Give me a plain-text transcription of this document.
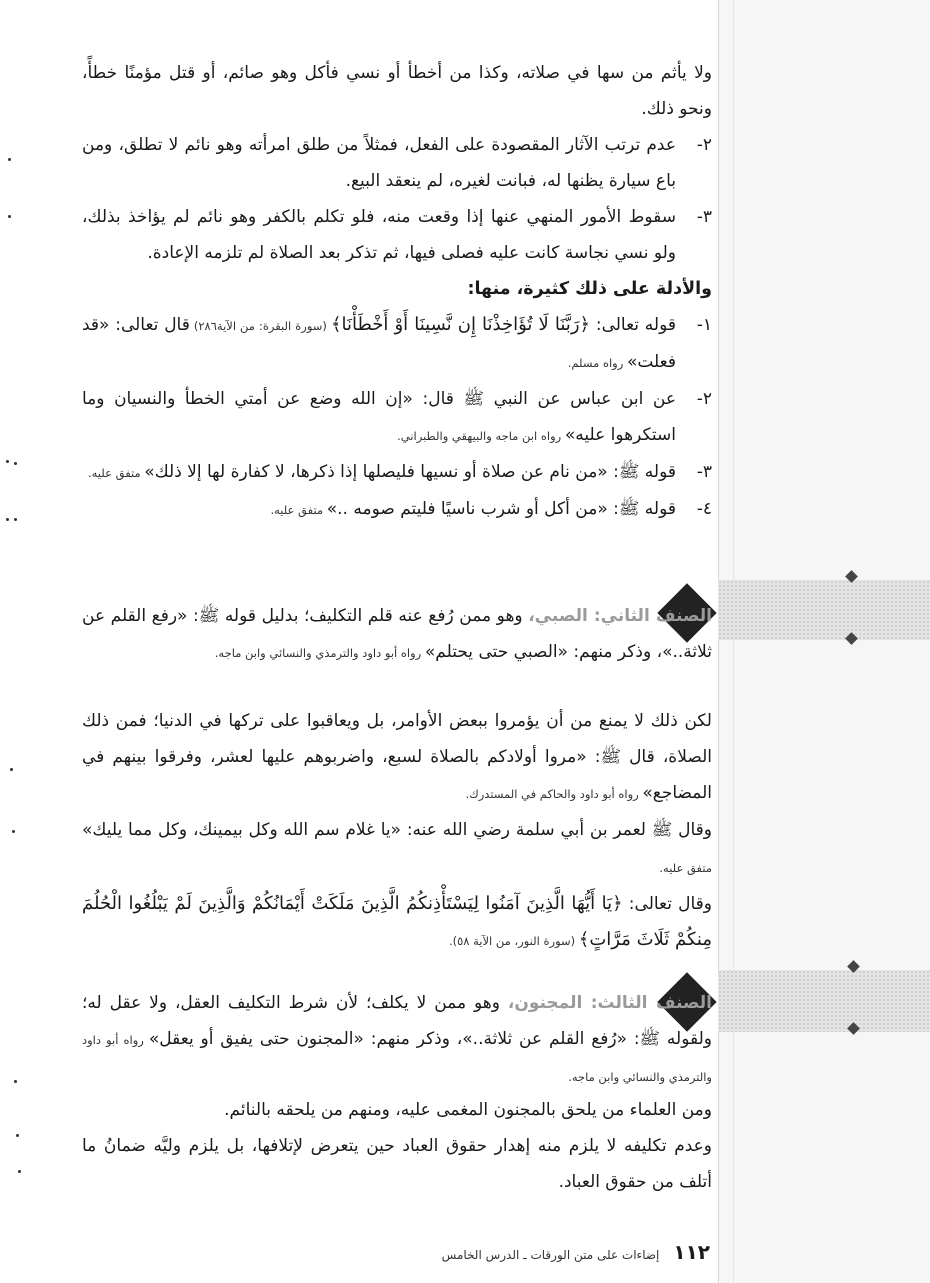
ولا يأثم من سها في صلاته، وكذا من أخطأ أو نسي فأكل وهو صائم، أو قتل مؤمنًا خطأً، ونحو ذلك.

٢-
عدم ترتب الآثار المقصودة على الفعل، فمثلاً من طلق امرأته وهو نائم لا تطلق، ومن باع سيارة يظنها له، فبانت لغيره، لم ينعقد البيع.
٣-
سقوط الأمور المنهي عنها إذا وقعت منه، فلو تكلم بالكفر وهو نائم لم يؤاخذ بذلك، ولو نسي نجاسة كانت عليه فصلى فيها، ثم تذكر بعد الصلاة لم تلزمه الإعادة.

والأدلة على ذلك كثيرة، منها:

١-
قوله تعالى: ﴿رَبَّنَا لَا تُؤَاخِذْنَا إِن نَّسِينَا أَوْ أَخْطَأْنَا﴾ (سورة البقرة: من الآية٢٨٦) قال تعالى: «قد فعلت» رواه مسلم.
٢-
عن ابن عباس عن النبي ﷺ قال: «إن الله وضع عن أمتي الخطأ والنسيان وما استكرهوا عليه» رواه ابن ماجه والبيهقي والطبراني.
٣-
قوله ﷺ: «من نام عن صلاة أو نسيها فليصلها إذا ذكرها، لا كفارة لها إلا ذلك» متفق عليه.
٤-
قوله ﷺ: «من أكل أو شرب ناسيًا فليتم صومه ..» متفق عليه.

الصنف الثاني: الصبي، وهو ممن رُفع عنه قلم التكليف؛ بدليل قوله ﷺ: «رفع القلم عن ثلاثة..»، وذكر منهم: «الصبي حتى يحتلم» رواه أبو داود والترمذي والنسائي وابن ماجه.

لكن ذلك لا يمنع من أن يؤمروا ببعض الأوامر، بل ويعاقبوا على تركها في الدنيا؛ فمن ذلك الصلاة، قال ﷺ: «مروا أولادكم بالصلاة لسبع، واضربوهم عليها لعشر، وفرقوا بينهم في المضاجع» رواه أبو داود والحاكم في المستدرك.

وقال ﷺ لعمر بن أبي سلمة رضي الله عنه: «يا غلام سم الله وكل بيمينك، وكل مما يليك» متفق عليه.

وقال تعالى: ﴿يَا أَيُّهَا الَّذِينَ آمَنُوا لِيَسْتَأْذِنكُمُ الَّذِينَ مَلَكَتْ أَيْمَانُكُمْ وَالَّذِينَ لَمْ يَبْلُغُوا الْحُلُمَ مِنكُمْ ثَلَاثَ مَرَّاتٍ﴾ (سورة النور، من الآية ٥٨).

الصنف الثالث: المجنون، وهو ممن لا يكلف؛ لأن شرط التكليف العقل، ولا عقل له؛ ولقوله ﷺ: «رُفع القلم عن ثلاثة..»، وذكر منهم: «المجنون حتى يفيق أو يعقل» رواه أبو داود والترمذي والنسائي وابن ماجه.

ومن العلماء من يلحق بالمجنون المغمى عليه، ومنهم من يلحقه بالنائم.

وعدم تكليفه لا يلزم منه إهدار حقوق العباد حين يتعرض لإتلافها، بل يلزم وليَّه ضمانُ ما أتلف من حقوق العباد.

١١٢
إضاءات على متن الورقات ـ الدرس الخامس
